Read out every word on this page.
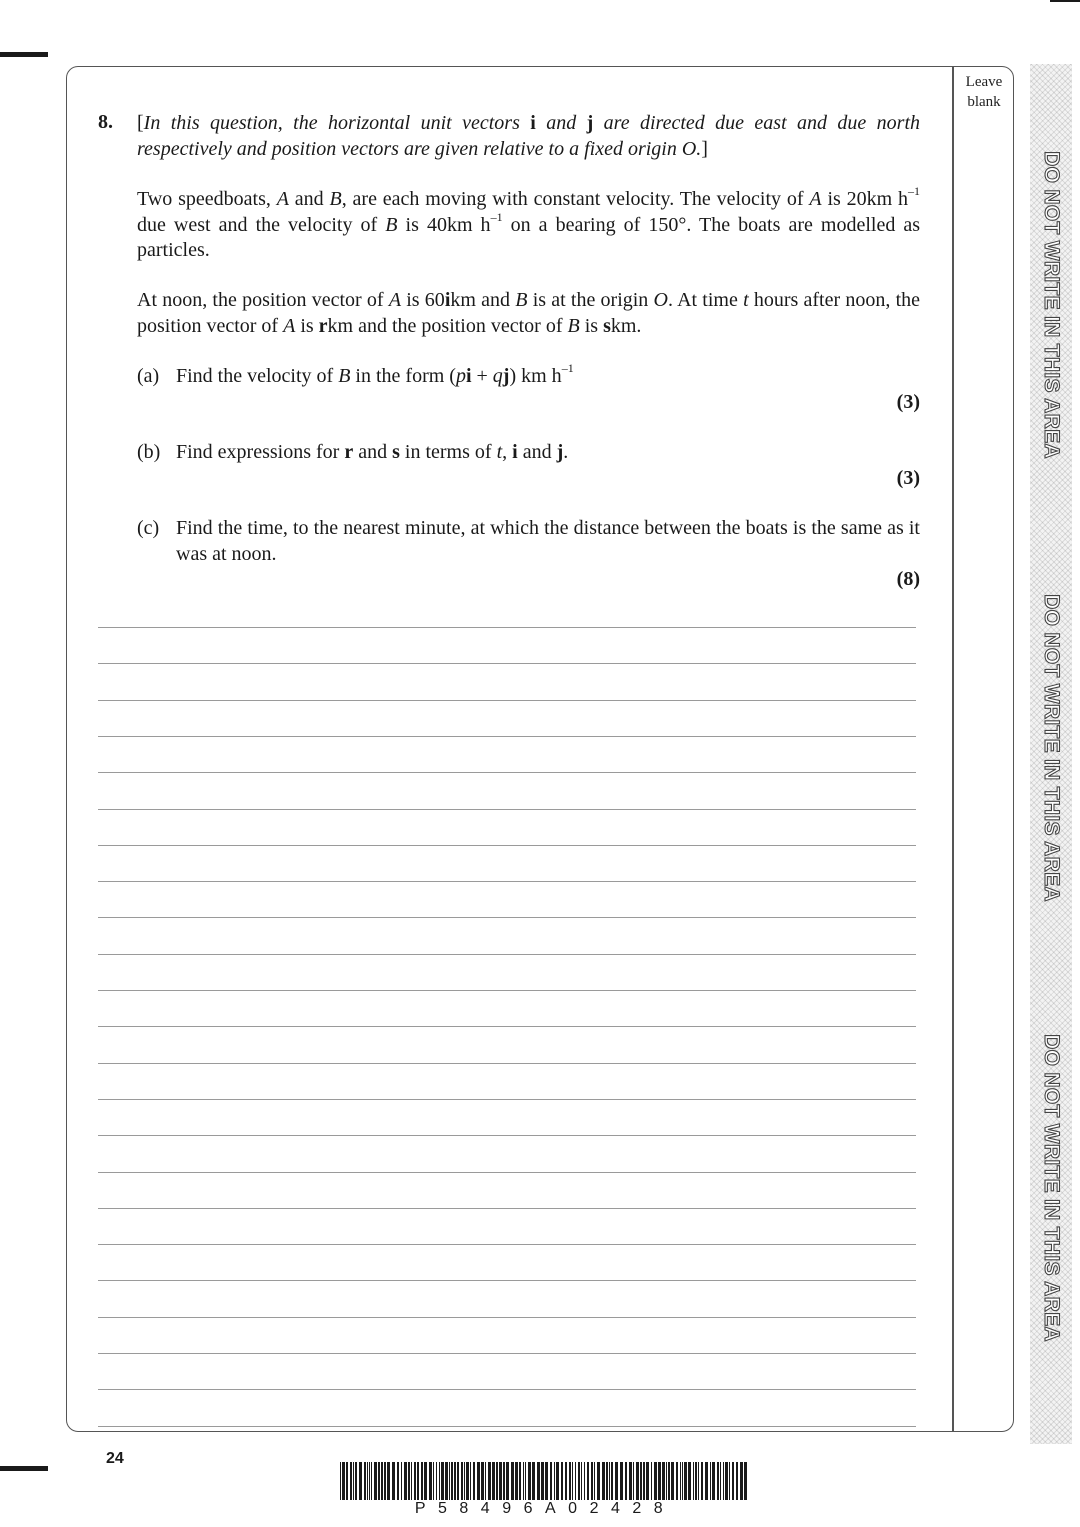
Leave
blank
DO NOT WRITE IN THIS AREA
DO NOT WRITE IN THIS AREA
DO NOT WRITE IN THIS AREA
8. [In this question, the horizontal unit vectors i and j are directed due east and due north respectively and position vectors are given relative to a fixed origin O.]
Two speedboats, A and B, are each moving with constant velocity. The velocity of A is 20km $h^{-1}$ due west and the velocity of B is 40km $h^{-1}$ on a bearing of 150°. The boats are modelled as particles.
At noon, the position vector of A is 60ikm and B is at the origin O. At time t hours after noon, the position vector of A is rkm and the position vector of B is skm.
(a) Find the velocity of B in the form (pi + qj) km $h^{-1}$
(3)
(b) Find expressions for r and s in terms of t, i and j.
(3)
(c) Find the time, to the nearest minute, at which the distance between the boats is the same as it was at noon.
(8)
24
P58496A02428
